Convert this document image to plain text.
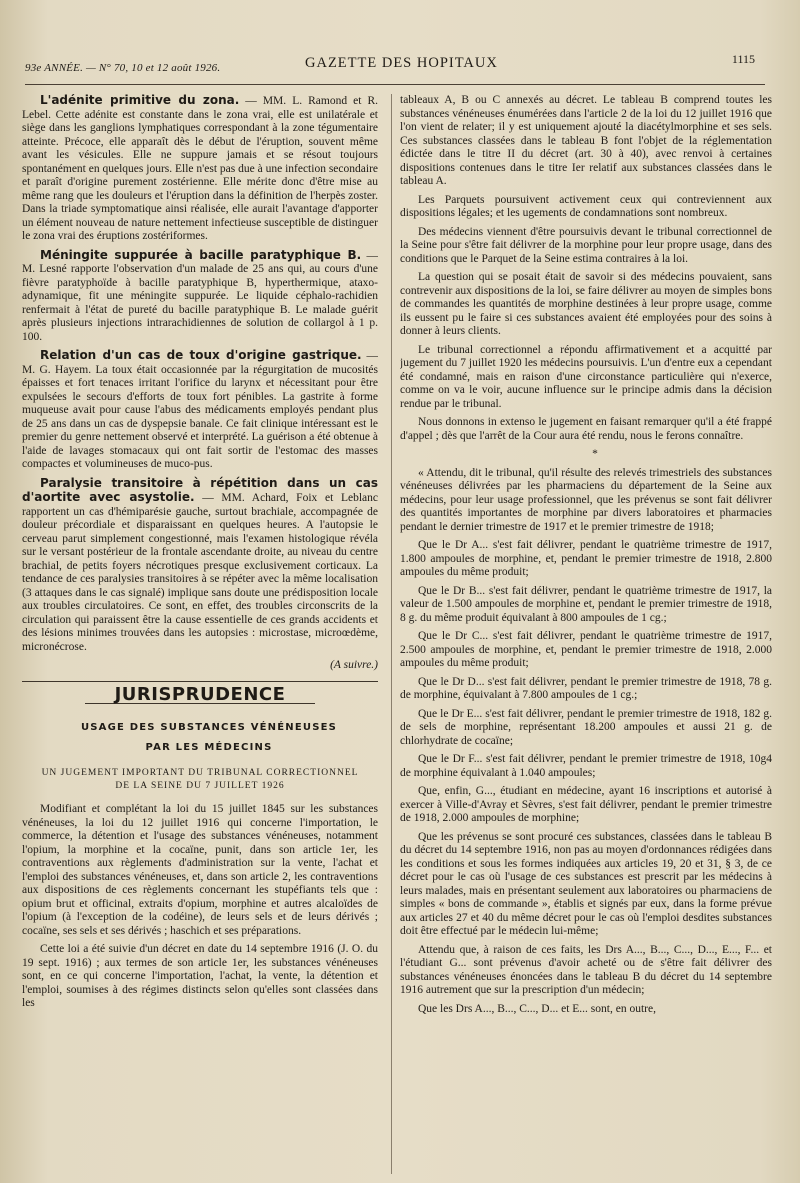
93e ANNÉE. — N° 70, 10 et 12 août 1926.	GAZETTE DES HOPITAUX	1115

L'adénite primitive du zona. — MM. L. Ramond et R. Lebel. Cette adénite est constante dans le zona vrai, elle est unilatérale et siège dans les ganglions lymphatiques correspondant à la zone tégumentaire atteinte. Précoce, elle apparaît dès le début de l'éruption, souvent même avant les vésicules. Elle ne suppure jamais et se résout toujours spontanément en quelques jours. Elle n'est pas due à une infection secondaire et paraît d'origine purement zostérienne. Elle mérite donc d'être mise au même rang que les douleurs et l'éruption dans la définition de l'herpès zoster. Dans la triade symptomatique ainsi réalisée, elle aurait l'avantage d'apporter un élément nouveau de nature nettement infectieuse susceptible de distinguer le zona vrai des éruptions zostériformes.

Méningite suppurée à bacille paratyphique B. — M. Lesné rapporte l'observation d'un malade de 25 ans qui, au cours d'une fièvre paratyphoïde à bacille paratyphique B, hyperthermique, ataxo-adynamique, fit une méningite suppurée. Le liquide céphalo-rachidien renfermait à l'état de pureté du bacille paratyphique B. Le malade guérit après plusieurs injections intrarachidiennes de solution de collargol à 1 p. 100.

Relation d'un cas de toux d'origine gastrique. — M. G. Hayem. La toux était occasionnée par la régurgitation de mucosités épaisses et fort tenaces irritant l'orifice du larynx et nécessitant pour être expulsées le secours d'efforts de toux fort pénibles. La gastrite à forme muqueuse avait pour cause l'abus des médicaments employés pendant plus de 25 ans dans un cas de dyspepsie banale. Ce fait clinique intéressant est le premier du genre nettement observé et interprété. La guérison a été obtenue à l'aide de lavages stomacaux qui ont fait sortir de l'estomac des masses compactes et volumineuses de muco-pus.

Paralysie transitoire à répétition dans un cas d'aortite avec asystolie. — MM. Achard, Foix et Leblanc rapportent un cas d'hémiparésie gauche, surtout brachiale, accompagnée de douleur précordiale et disparaissant en quelques heures. A l'autopsie le cerveau parut simplement congestionné, mais l'examen histologique révéla sur le versant postérieur de la frontale ascendante droite, au niveau du centre brachial, de petits foyers nécrotiques presque exclusivement corticaux. La tendance de ces paralysies transitoires à se répéter avec la même localisation (3 attaques dans le cas signalé) implique sans doute une prédisposition locale aux troubles circulatoires. Ce sont, en effet, des troubles circonscrits de la circulation qui paraissent être la cause essentielle de ces grands accidents et des lésions minimes trouvées dans les autopsies : microstase, microœdème, micronécrose.

(A suivre.)

JURISPRUDENCE

USAGE DES SUBSTANCES VÉNÉNEUSES

PAR LES MÉDECINS

UN JUGEMENT IMPORTANT DU TRIBUNAL CORRECTIONNEL
DE LA SEINE DU 7 JUILLET 1926

Modifiant et complétant la loi du 15 juillet 1845 sur les substances vénéneuses, la loi du 12 juillet 1916 qui concerne l'importation, le commerce, la détention et l'usage des substances vénéneuses, notamment l'opium, la morphine et la cocaïne, punit, dans son article 1er, les contraventions aux règlements d'administration sur la vente, l'achat et l'emploi des substances vénéneuses, et, dans son article 2, les contraventions aux dispositions de ces règlements concernant les stupéfiants tels que : opium brut et officinal, extraits d'opium, morphine et autres alcaloïdes de l'opium (à l'exception de la codéine), de leurs sels et de leurs dérivés ; cocaïne, ses sels et ses dérivés ; haschich et ses préparations.

Cette loi a été suivie d'un décret en date du 14 septembre 1916 (J. O. du 19 sept. 1916) ; aux termes de son article 1er, les substances vénéneuses sont, en ce qui concerne l'importation, l'achat, la vente, la détention et l'emploi, soumises à des régimes distincts selon qu'elles sont classées dans les

tableaux A, B ou C annexés au décret. Le tableau B comprend toutes les substances vénéneuses énumérées dans l'article 2 de la loi du 12 juillet 1916 que l'on vient de relater; il y est uniquement ajouté la diacétylmorphine et ses sels. Ces substances classées dans le tableau B font l'objet de la réglementation édictée dans le titre II du décret (art. 30 à 40), avec renvoi à certaines dispositions contenues dans le titre Ier relatif aux substances classées dans le tableau A.

Les Parquets poursuivent activement ceux qui contreviennent aux dispositions légales; et les ugements de condamnations sont nombreux.

Des médecins viennent d'être poursuivis devant le tribunal correctionnel de la Seine pour s'être fait délivrer de la morphine pour leur propre usage, dans des conditions que le Parquet de la Seine estima contraires à la loi.

La question qui se posait était de savoir si des médecins pouvaient, sans contrevenir aux dispositions de la loi, se faire délivrer au moyen de simples bons de commandes les quantités de morphine destinées à leur propre usage, comme ils eussent pu le faire si ces substances avaient été employées pour des soins à donner à leurs clients.

Le tribunal correctionnel a répondu affirmativement et a acquitté par jugement du 7 juillet 1920 les médecins poursuivis. L'un d'entre eux a cependant été condamné, mais en raison d'une circonstance particulière qui n'exerce, comme on va le voir, aucune influence sur le principe admis dans la décision rendue par le tribunal.

Nous donnons in extenso le jugement en faisant remarquer qu'il a été frappé d'appel ; dès que l'arrêt de la Cour aura été rendu, nous le ferons connaître.

*

« Attendu, dit le tribunal, qu'il résulte des relevés trimestriels des substances vénéneuses délivrées par les pharmaciens du département de la Seine aux médecins, pour leur usage professionnel, que les prévenus se sont fait délivrer des quantités importantes de morphine par divers laboratoires et pharmacies pendant le dernier trimestre de 1917 et le premier trimestre de 1918;

Que le Dr A... s'est fait délivrer, pendant le quatrième trimestre de 1917, 1.800 ampoules de morphine, et, pendant le premier trimestre de 1918, 2.800 ampoules du même produit;

Que le Dr B... s'est fait délivrer, pendant le quatrième trimestre de 1917, la valeur de 1.500 ampoules de morphine et, pendant le premier trimestre de 1918, 8 g. du même produit équivalant à 800 ampoules de 1 cg.;

Que le Dr C... s'est fait délivrer, pendant le quatrième trimestre de 1917, 2.500 ampoules de morphine, et, pendant le premier trimestre de 1918, 2.000 ampoules du même produit;

Que le Dr D... s'est fait délivrer, pendant le premier trimestre de 1918, 78 g. de morphine, équivalant à 7.800 ampoules de 1 cg.;

Que le Dr E... s'est fait délivrer, pendant le premier trimestre de 1918, 182 g. de sels de morphine, représentant 18.200 ampoules et aussi 21 g. de chlorhydrate de cocaïne;

Que le Dr F... s'est fait délivrer, pendant le premier trimestre de 1918, 10g4 de morphine équivalant à 1.040 ampoules;

Que, enfin, G..., étudiant en médecine, ayant 16 inscriptions et autorisé à exercer à Ville-d'Avray et Sèvres, s'est fait délivrer, pendant le premier trimestre de 1918, 2.000 ampoules de morphine;

Que les prévenus se sont procuré ces substances, classées dans le tableau B du décret du 14 septembre 1916, non pas au moyen d'ordonnances rédigées dans les conditions et sous les formes indiquées aux articles 19, 20 et 31, § 3, de ce décret pour le cas où l'usage de ces substances est prescrit par les médecins à leurs malades, mais en présentant seulement aux laboratoires ou pharmaciens de simples « bons de commande », établis et signés par eux, dans la forme prévue aux articles 27 et 40 du même décret pour le cas où l'emploi desdites substances doit être effectué par le médecin lui-même;

Attendu que, à raison de ces faits, les Drs A..., B..., C..., D..., E..., F... et l'étudiant G... sont prévenus d'avoir acheté ou de s'être fait délivrer des substances vénéneuses énoncées dans le tableau B du décret du 14 septembre 1916 autrement que sur la prescription d'un médecin;

Que les Drs A..., B..., C..., D... et E... sont, en outre,
